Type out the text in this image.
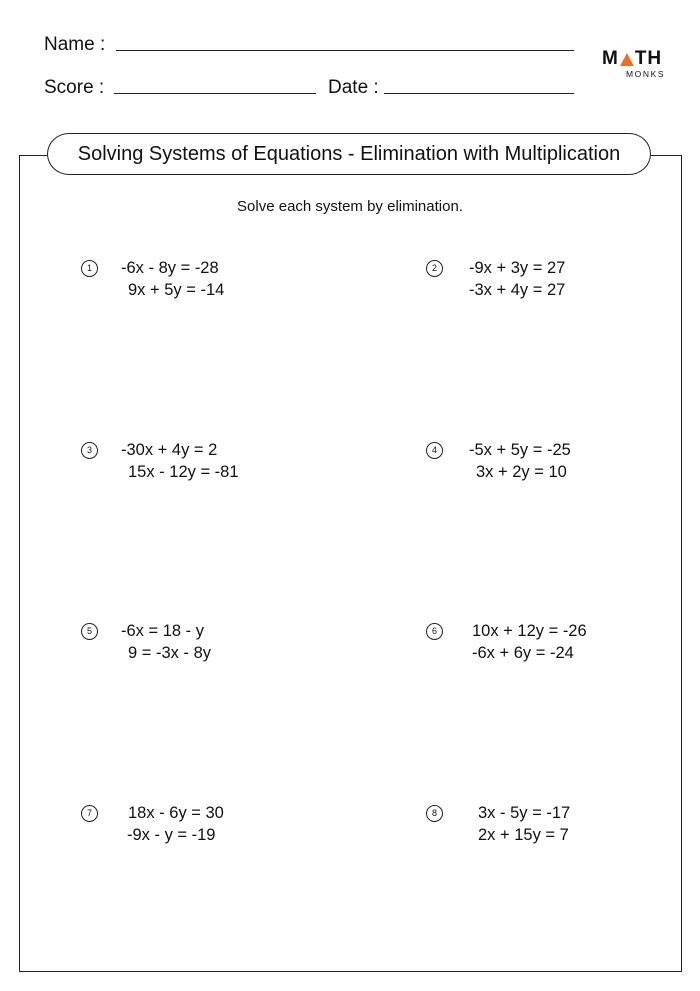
Name :
Score :	Date :
M TH
MONKS
Solving Systems of Equations - Elimination with Multiplication
Solve each system by elimination.
1	-6x - 8y = -28
9x + 5y = -14
2	-9x + 3y = 27
-3x + 4y = 27
3	-30x + 4y = 2
15x - 12y = -81
4	-5x + 5y = -25
3x + 2y = 10
5	-6x = 18 - y
9 = -3x - 8y
6	10x + 12y = -26
-6x + 6y = -24
7	18x - 6y = 30
-9x - y = -19
8	3x - 5y = -17
2x + 15y = 7
